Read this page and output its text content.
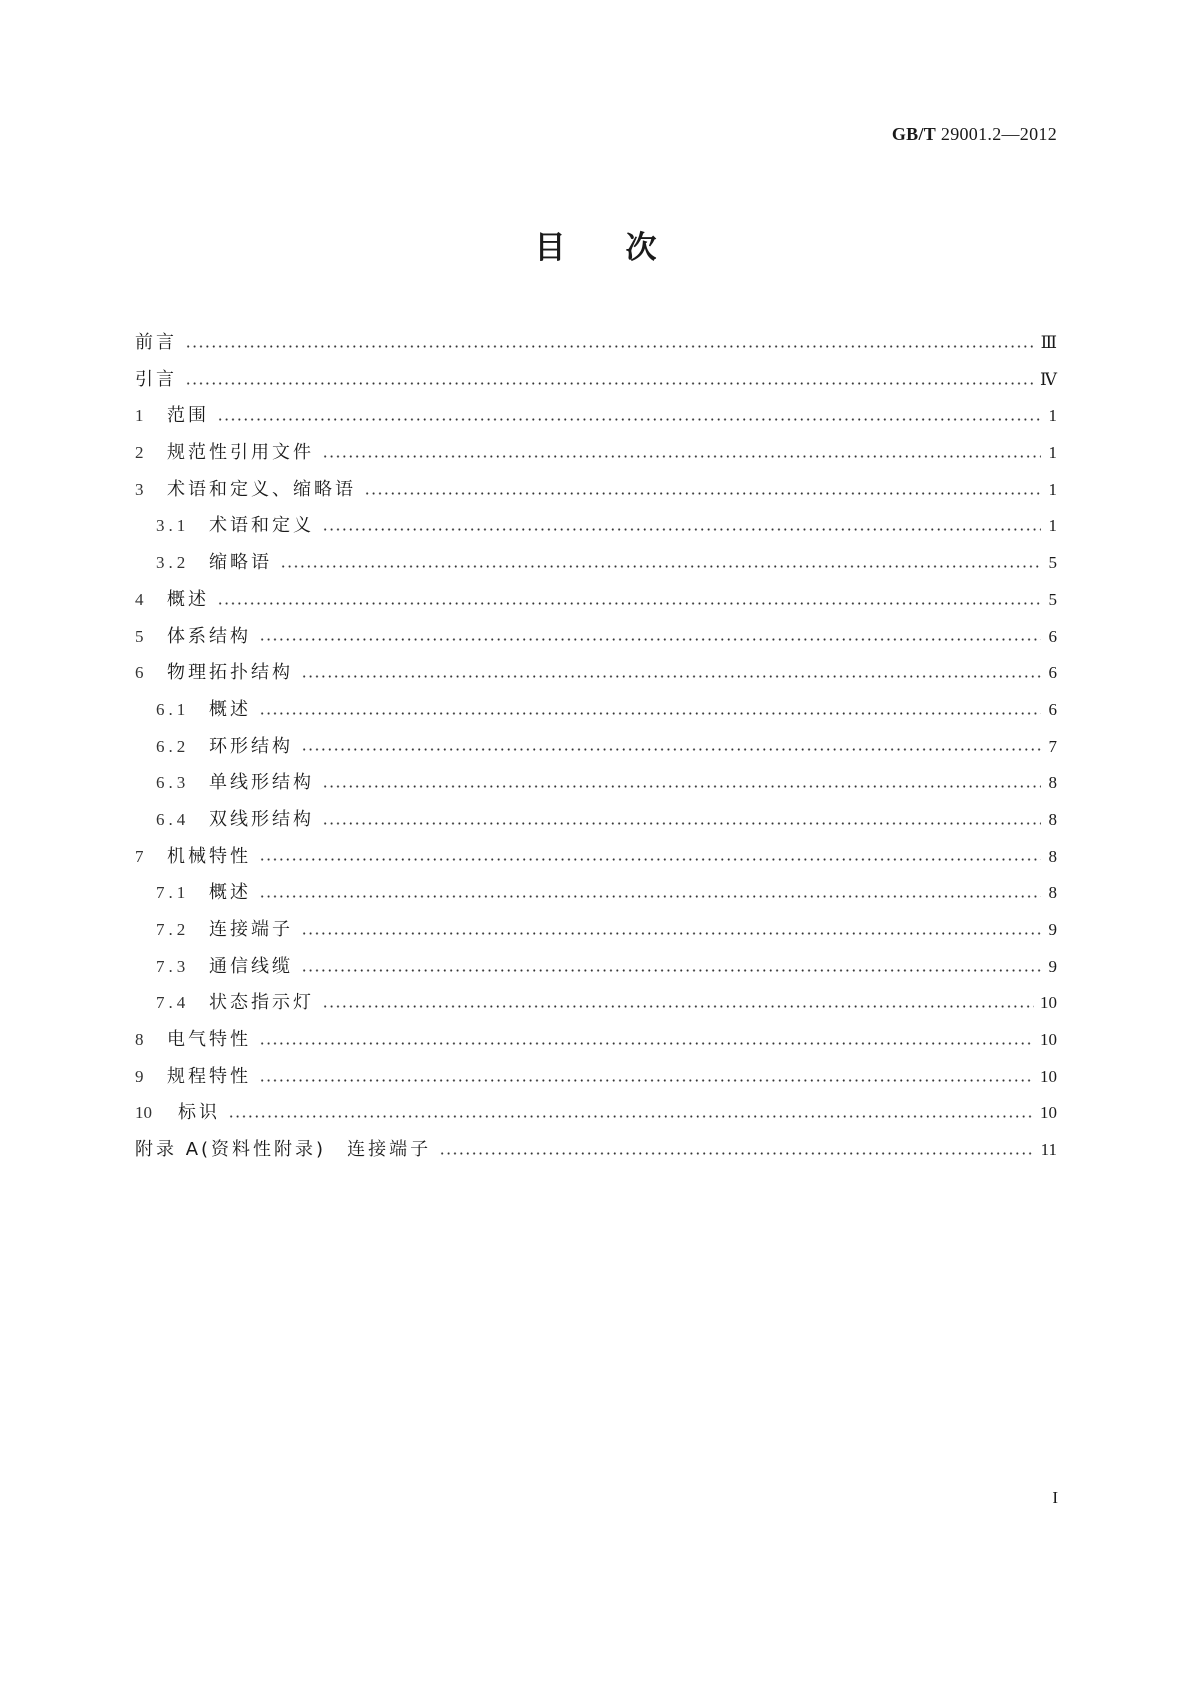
GB/T 29001.2—2012
目次
前言	Ⅲ
引言	Ⅳ
1	范围	1
2	规范性引用文件	1
3	术语和定义、缩略语	1
3.1	术语和定义	1
3.2	缩略语	5
4	概述	5
5	体系结构	6
6	物理拓扑结构	6
6.1	概述	6
6.2	环形结构	7
6.3	单线形结构	8
6.4	双线形结构	8
7	机械特性	8
7.1	概述	8
7.2	连接端子	9
7.3	通信线缆	9
7.4	状态指示灯	10
8	电气特性	10
9	规程特性	10
10	标识	10
附录 A(资料性附录)　连接端子	11
I
